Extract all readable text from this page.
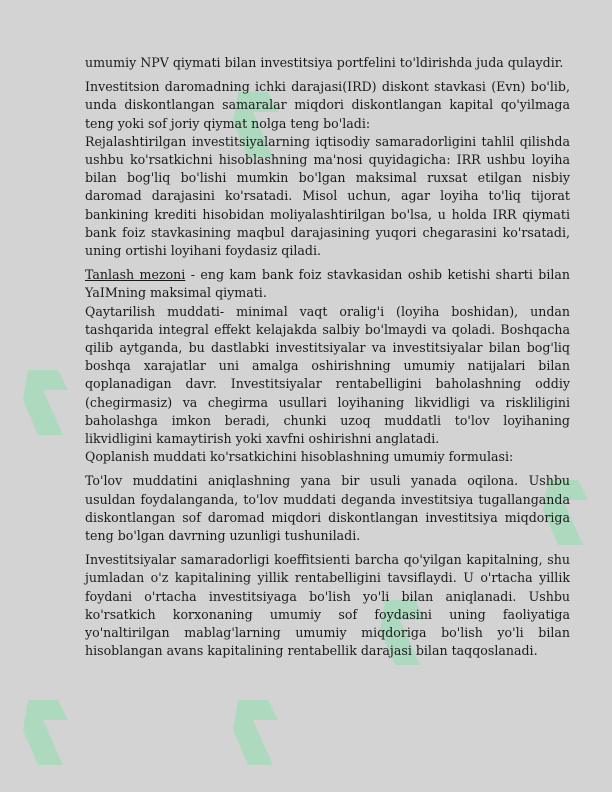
umumiy NPV qiymati bilan investitsiya portfelini to'ldirishda juda qulaydir.

Investitsion daromadning ichki darajasi(IRD) diskont stavkasi (Evn) bo'lib, unda diskontlangan samaralar miqdori diskontlangan kapital qo'yilmaga teng yoki sof joriy qiymat nolga teng bo'ladi:

Rejalashtirilgan investitsiyalarning iqtisodiy samaradorligini tahlil qilishda ushbu ko'rsatkichni hisoblashning ma'nosi quyidagicha: IRR ushbu loyiha bilan bog'liq bo'lishi mumkin bo'lgan maksimal ruxsat etilgan nisbiy daromad darajasini ko'rsatadi. Misol uchun, agar loyiha to'liq tijorat bankining krediti hisobidan moliyalashtirilgan bo'lsa, u holda IRR qiymati bank foiz stavkasining maqbul darajasining yuqori chegarasini ko'rsatadi, uning ortishi loyihani foydasiz qiladi.

Tanlash mezoni - eng kam bank foiz stavkasidan oshib ketishi sharti bilan YaIMning maksimal qiymati.

Qaytarilish muddati- minimal vaqt oralig'i (loyiha boshidan), undan tashqarida integral effekt kelajakda salbiy bo'lmaydi va qoladi. Boshqacha qilib aytganda, bu dastlabki investitsiyalar va investitsiyalar bilan bog'liq boshqa xarajatlar uni amalga oshirishning umumiy natijalari bilan qoplanadigan davr. Investitsiyalar rentabelligini baholashning oddiy (chegirmasiz) va chegirma usullari loyihaning likvidligi va riskliligini baholashga imkon beradi, chunki uzoq muddatli to'lov loyihaning likvidligini kamaytirish yoki xavfni oshirishni anglatadi.

Qoplanish muddati ko'rsatkichini hisoblashning umumiy formulasi:

To'lov muddatini aniqlashning yana bir usuli yanada oqilona. Ushbu usuldan foydalanganda, to'lov muddati deganda investitsiya tugallanganda diskontlangan sof daromad miqdori diskontlangan investitsiya miqdoriga teng bo'lgan davrning uzunligi tushuniladi.

Investitsiyalar samaradorligi koeffitsienti barcha qo'yilgan kapitalning, shu jumladan o'z kapitalining yillik rentabelligini tavsiflaydi. U o'rtacha yillik foydani o'rtacha investitsiyaga bo'lish yo'li bilan aniqlanadi. Ushbu ko'rsatkich korxonaning umumiy sof foydasini uning faoliyatiga yo'naltirilgan mablag'larning umumiy miqdoriga bo'lish yo'li bilan hisoblangan avans kapitalining rentabellik darajasi bilan taqqoslanadi.
